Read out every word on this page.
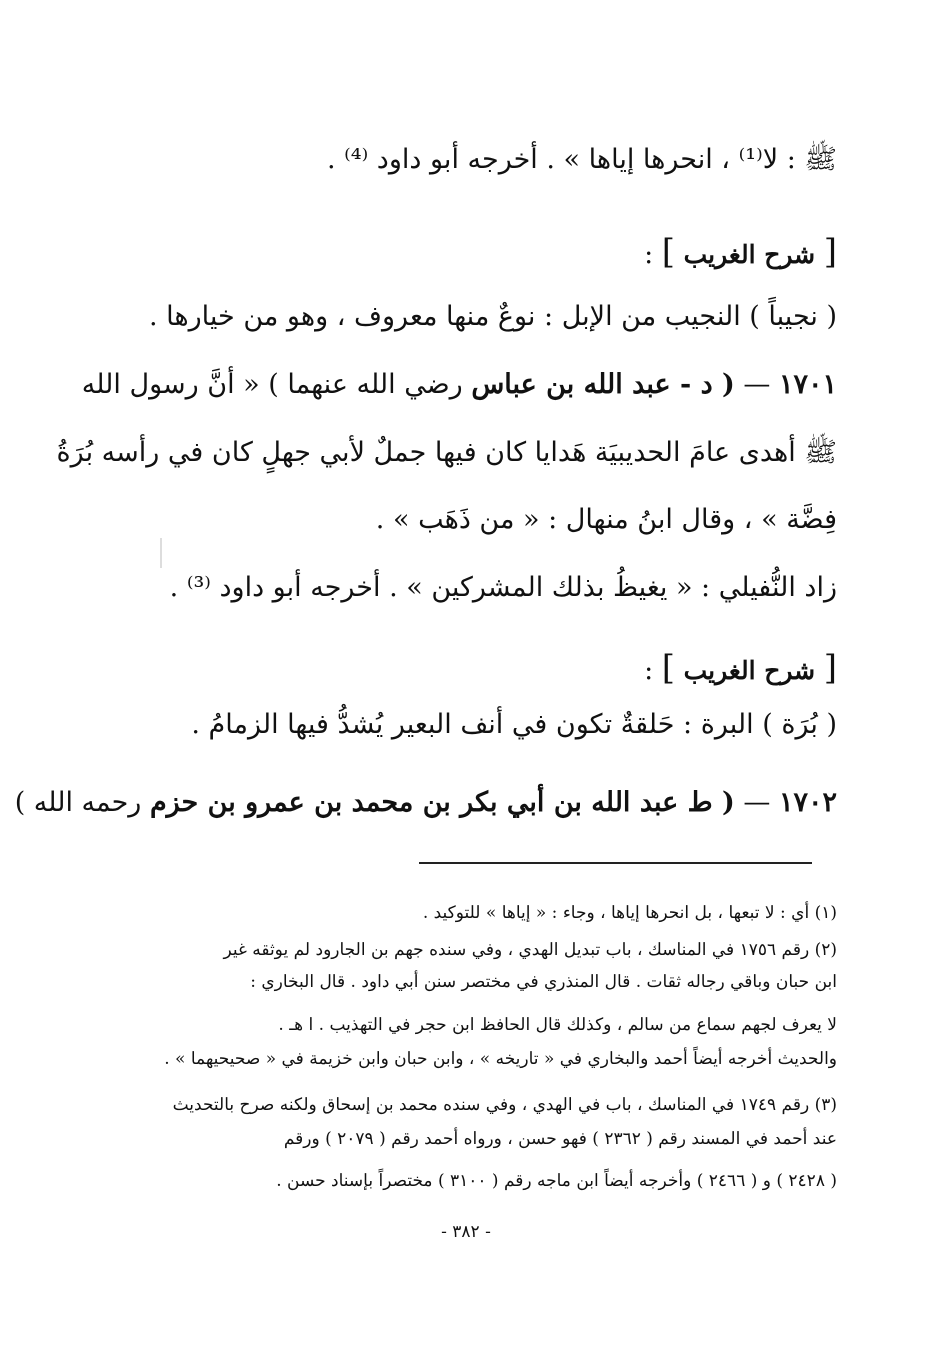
ﷺ : لا⁽¹⁾ ، انحرها إياها » . أخرجه أبو داود ⁽⁴⁾ .
[ شرح الغريب ] :
( نجيباً ) النجيب من الإبل : نوعٌ منها معروف ، وهو من خيارها .
١٧٠١ — ( د - عبد الله بن عباس رضي الله عنهما ) « أنَّ رسول الله
ﷺ أهدى عامَ الحديبيَة هَدايا كان فيها جملٌ لأبي جهلٍ كان في رأسه بُرَةُ
فِضَّة » ، وقال ابنُ منهال : « من ذَهَب » .
زاد النُّفيلي : « يغيظُ بذلك المشركين » . أخرجه أبو داود ⁽³⁾ .
[ شرح الغريب ] :
( بُرَة ) البرة : حَلقةٌ تكون في أنف البعير يُشدُّ فيها الزمامُ .
١٧٠٢ — ( ط عبد الله بن أبي بكر بن محمد بن عمرو بن حزم رحمه الله )
(١) أي : لا تبعها ، بل انحرها إياها ، وجاء : « إياها » للتوكيد .
(٢) رقم ١٧٥٦ في المناسك ، باب تبديل الهدي ، وفي سنده جهم بن الجارود لم يوثقه غير
ابن حبان وباقي رجاله ثقات . قال المنذري في مختصر سنن أبي داود . قال البخاري :
لا يعرف لجهم سماع من سالم ، وكذلك قال الحافظ ابن حجر في التهذيب . ا هـ .
والحديث أخرجه أيضاً أحمد والبخاري في « تاريخه » ، وابن حبان وابن خزيمة في « صحيحيهما » .
(٣) رقم ١٧٤٩ في المناسك ، باب في الهدي ، وفي سنده محمد بن إسحاق ولكنه صرح بالتحديث
عند أحمد في المسند رقم ( ٢٣٦٢ ) فهو حسن ، ورواه أحمد رقم ( ٢٠٧٩ ) ورقم
( ٢٤٢٨ ) و ( ٢٤٦٦ ) وأخرجه أيضاً ابن ماجه رقم ( ٣١٠٠ ) مختصراً بإسناد حسن .
- ٣٨٢ -
